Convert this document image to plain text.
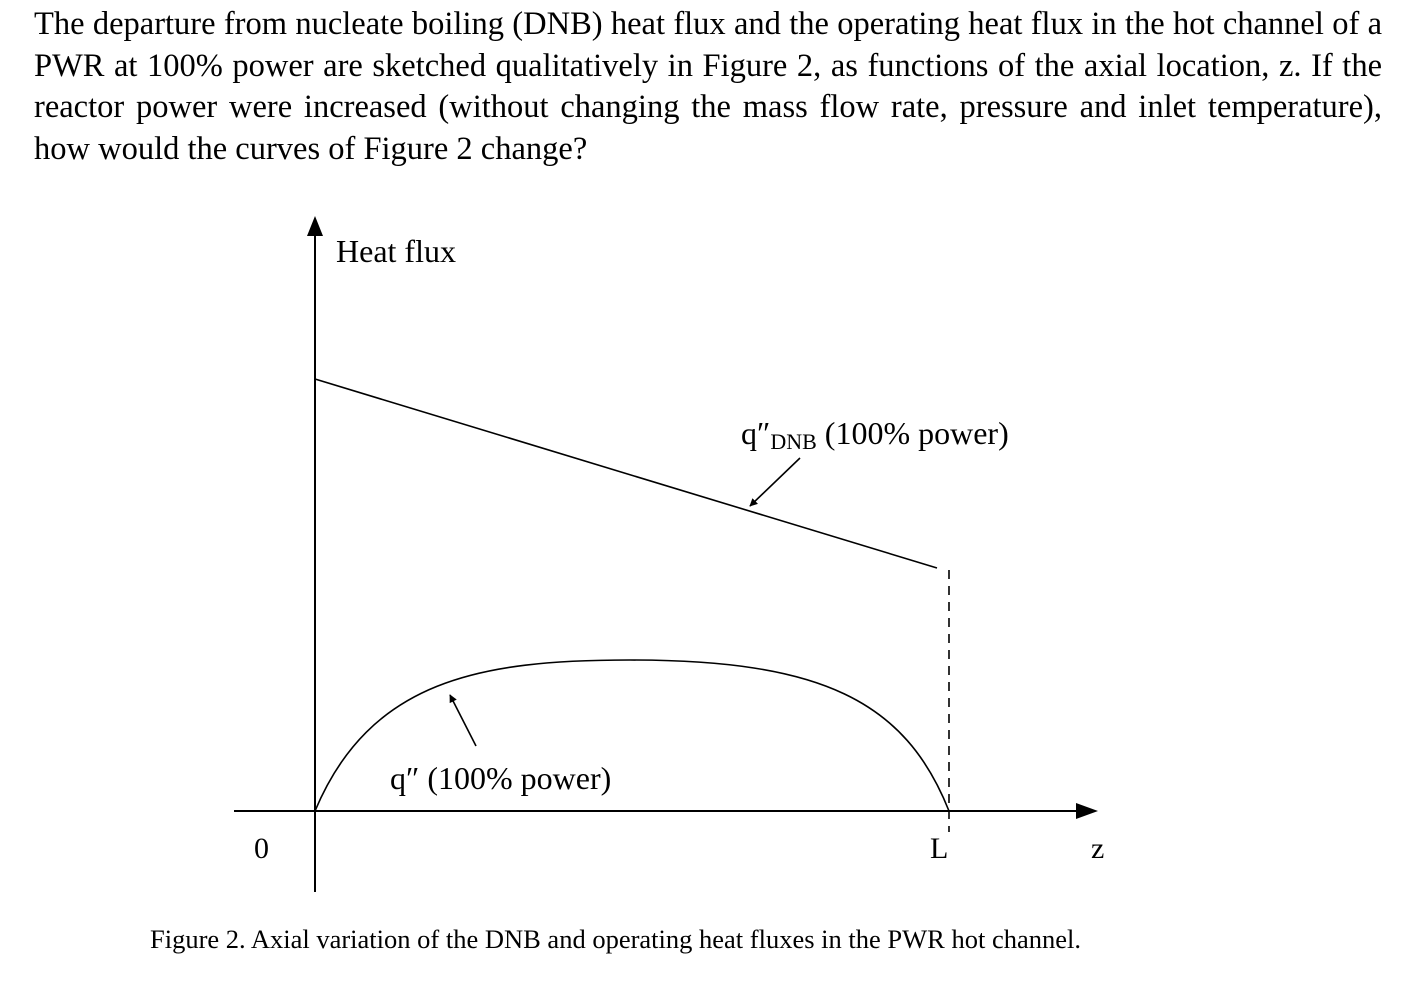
The departure from nucleate boiling (DNB) heat flux and the operating heat flux in the hot channel of a PWR at 100% power are sketched qualitatively in Figure 2, as functions of the axial location, z. If the reactor power were increased (without changing the mass flow rate, pressure and inlet temperature), how would the curves of Figure 2 change?

Heat flux
0	L	z
q″DNB (100% power)
q″ (100% power)

Figure 2. Axial variation of the DNB and operating heat fluxes in the PWR hot channel.
